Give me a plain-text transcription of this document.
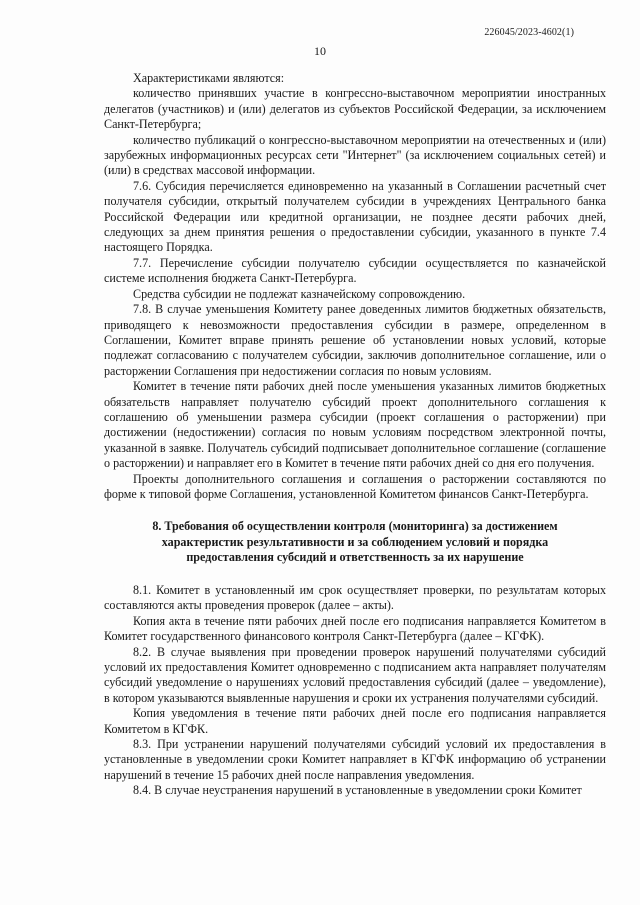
226045/2023-4602(1)
10

Характеристиками являются:

количество принявших участие в конгрессно-выставочном мероприятии иностранных делегатов (участников) и (или) делегатов из субъектов Российской Федерации, за исключением Санкт-Петербурга;

количество публикаций о конгрессно-выставочном мероприятии на отечественных и (или) зарубежных информационных ресурсах сети "Интернет" (за исключением социальных сетей) и (или) в средствах массовой информации.

7.6. Субсидия перечисляется единовременно на указанный в Соглашении расчетный счет получателя субсидии, открытый получателем субсидии в учреждениях Центрального банка Российской Федерации или кредитной организации, не позднее десяти рабочих дней, следующих за днем принятия решения о предоставлении субсидии, указанного в пункте 7.4 настоящего Порядка.

7.7. Перечисление субсидии получателю субсидии осуществляется по казначейской системе исполнения бюджета Санкт-Петербурга.

Средства субсидии не подлежат казначейскому сопровождению.

7.8. В случае уменьшения Комитету ранее доведенных лимитов бюджетных обязательств, приводящего к невозможности предоставления субсидии в размере, определенном в Соглашении, Комитет вправе принять решение об установлении новых условий, которые подлежат согласованию с получателем субсидии, заключив дополнительное соглашение, или о расторжении Соглашения при недостижении согласия по новым условиям.

Комитет в течение пяти рабочих дней после уменьшения указанных лимитов бюджетных обязательств направляет получателю субсидий проект дополнительного соглашения к соглашению об уменьшении размера субсидии (проект соглашения о расторжении) при достижении (недостижении) согласия по новым условиям посредством электронной почты, указанной в заявке. Получатель субсидий подписывает дополнительное соглашение (соглашение о расторжении) и направляет его в Комитет в течение пяти рабочих дней со дня его получения.

Проекты дополнительного соглашения и соглашения о расторжении составляются по форме к типовой форме Соглашения, установленной Комитетом финансов Санкт-Петербурга.

8. Требования об осуществлении контроля (мониторинга) за достижением
характеристик результативности и за соблюдением условий и порядка
предоставления субсидий и ответственность за их нарушение

8.1. Комитет в установленный им срок осуществляет проверки, по результатам которых составляются акты проведения проверок (далее – акты).

Копия акта в течение пяти рабочих дней после его подписания направляется Комитетом в Комитет государственного финансового контроля Санкт-Петербурга (далее – КГФК).

8.2. В случае выявления при проведении проверок нарушений получателями субсидий условий их предоставления Комитет одновременно с подписанием акта направляет получателям субсидий уведомление о нарушениях условий предоставления субсидий (далее – уведомление), в котором указываются выявленные нарушения и сроки их устранения получателями субсидий.

Копия уведомления в течение пяти рабочих дней после его подписания направляется Комитетом в КГФК.

8.3. При устранении нарушений получателями субсидий условий их предоставления в установленные в уведомлении сроки Комитет направляет в КГФК информацию об устранении нарушений в течение 15 рабочих дней после направления уведомления.

8.4. В случае неустранения нарушений в установленные в уведомлении сроки Комитет
